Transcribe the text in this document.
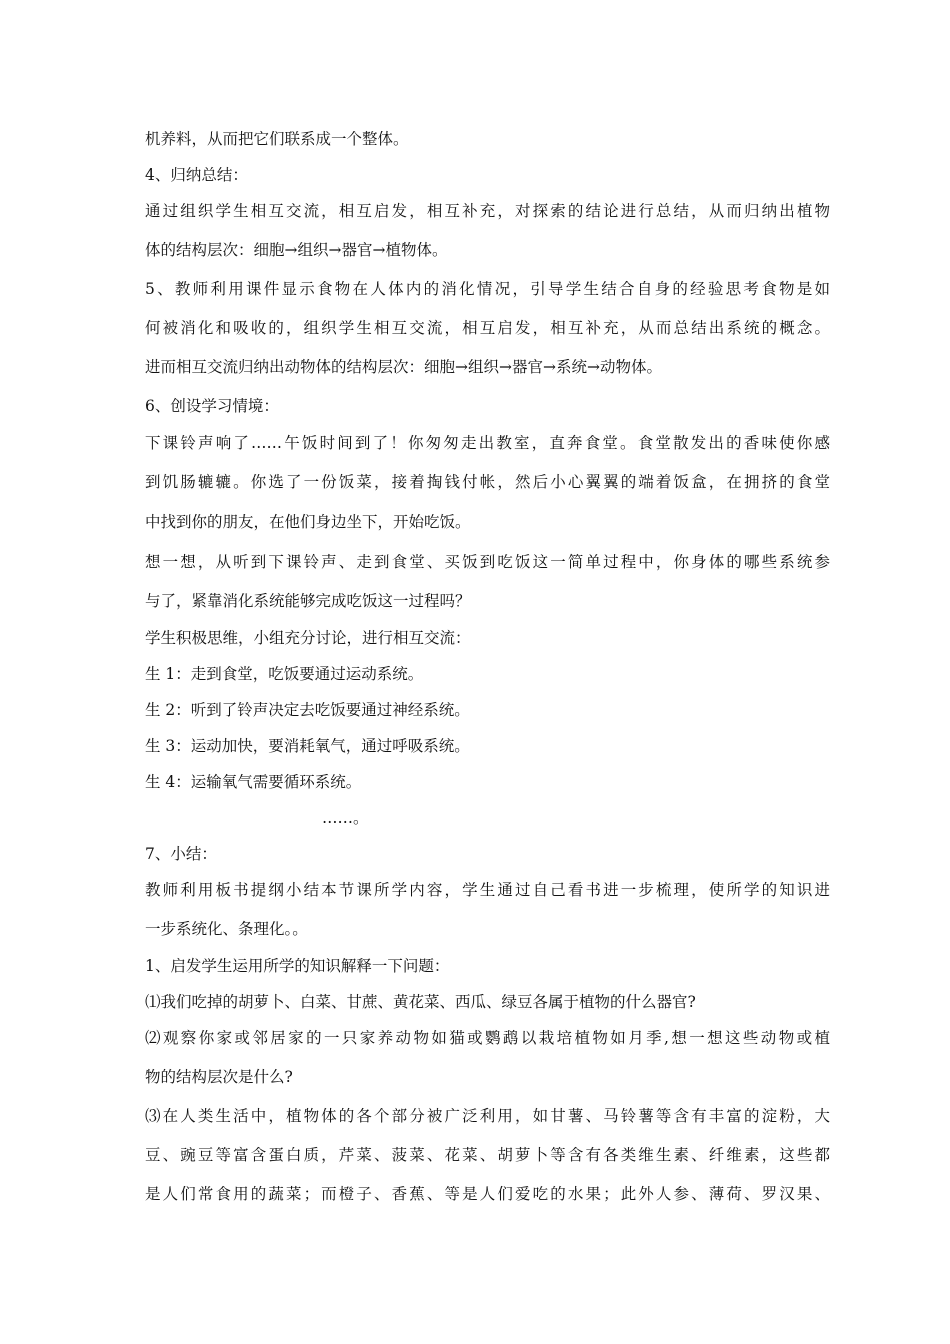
机养料，从而把它们联系成一个整体。
4、归纳总结：
通过组织学生相互交流，相互启发，相互补充，对探索的结论进行总结，从而归纳出植物
体的结构层次：细胞→组织→器官→植物体。
5、教师利用课件显示食物在人体内的消化情况，引导学生结合自身的经验思考食物是如
何被消化和吸收的，组织学生相互交流，相互启发，相互补充，从而总结出系统的概念。
进而相互交流归纳出动物体的结构层次：细胞→组织→器官→系统→动物体。
6、创设学习情境：
下课铃声响了……午饭时间到了！你匆匆走出教室，直奔食堂。食堂散发出的香味使你感
到饥肠辘辘。你选了一份饭菜，接着掏钱付帐，然后小心翼翼的端着饭盒，在拥挤的食堂
中找到你的朋友，在他们身边坐下，开始吃饭。
想一想，从听到下课铃声、走到食堂、买饭到吃饭这一简单过程中，你身体的哪些系统参
与了，紧靠消化系统能够完成吃饭这一过程吗？
学生积极思维，小组充分讨论，进行相互交流：
生 1：走到食堂，吃饭要通过运动系统。
生 2：听到了铃声决定去吃饭要通过神经系统。
生 3：运动加快，要消耗氧气，通过呼吸系统。
生 4：运输氧气需要循环系统。
……。
7、小结：
教师利用板书提纲小结本节课所学内容，学生通过自己看书进一步梳理，使所学的知识进
一步系统化、条理化。。
1、启发学生运用所学的知识解释一下问题：
⑴我们吃掉的胡萝卜、白菜、甘蔗、黄花菜、西瓜、绿豆各属于植物的什么器官?
⑵观察你家或邻居家的一只家养动物如猫或鹦鹉以栽培植物如月季,想一想这些动物或植
物的结构层次是什么?
⑶在人类生活中，植物体的各个部分被广泛利用，如甘薯、马铃薯等含有丰富的淀粉，大
豆、豌豆等富含蛋白质，芹菜、菠菜、花菜、胡萝卜等含有各类维生素、纤维素，这些都
是人们常食用的蔬菜；而橙子、香蕉、等是人们爱吃的水果；此外人参、薄荷、罗汉果、
